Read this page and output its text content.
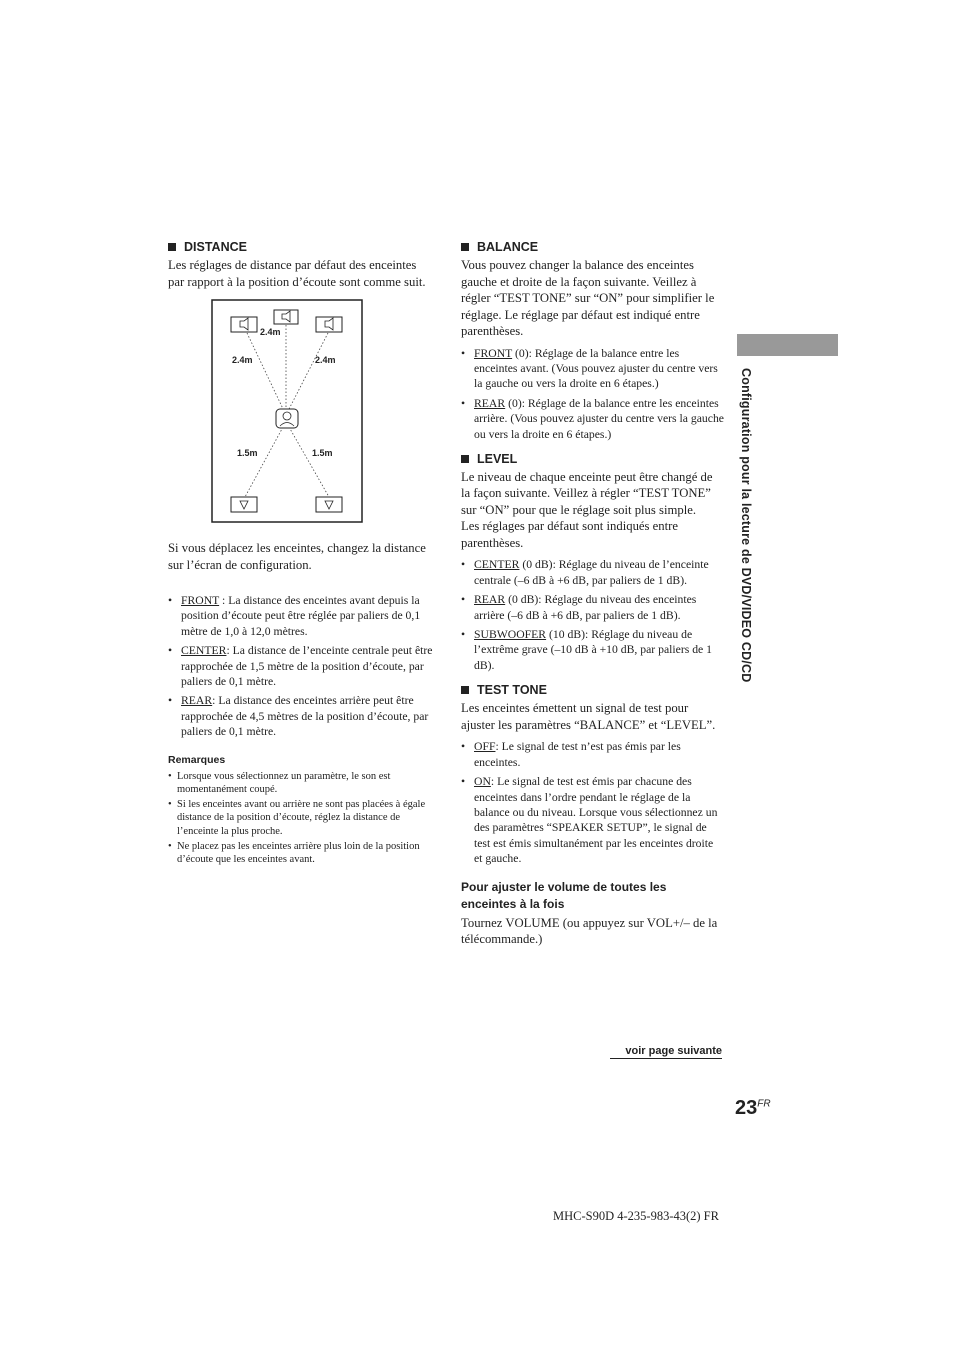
DISTANCE

Les réglages de distance par défaut des enceintes par rapport à la position d’écoute sont comme suit.

2.4m
2.4m	2.4m
1.5m	1.5m

Si vous déplacez les enceintes, changez la distance sur l’écran de configuration.

• FRONT : La distance des enceintes avant depuis la position d’écoute peut être réglée par paliers de 0,1 mètre de 1,0 à 12,0 mètres.
• CENTER: La distance de l’enceinte centrale peut être rapprochée de 1,5 mètre de la position d’écoute, par paliers de 0,1 mètre.
• REAR: La distance des enceintes arrière peut être rapprochée de 4,5 mètres de la position d’écoute, par paliers de 0,1 mètre.
Remarques
• Lorsque vous sélectionnez un paramètre, le son est momentanément coupé.
• Si les enceintes avant ou arrière ne sont pas placées à égale distance de la position d’écoute, réglez la distance de l’enceinte la plus proche.
• Ne placez pas les enceintes arrière plus loin de la position d’écoute que les enceintes avant.
BALANCE

Vous pouvez changer la balance des enceintes gauche et droite de la façon suivante. Veillez à régler “TEST TONE” sur “ON” pour simplifier le réglage. Le réglage par défaut est indiqué entre parenthèses.

• FRONT (0): Réglage de la balance entre les enceintes avant. (Vous pouvez ajuster du centre vers la gauche ou vers la droite en 6 étapes.)
• REAR (0): Réglage de la balance entre les enceintes arrière. (Vous pouvez ajuster du centre vers la gauche ou vers la droite en 6 étapes.)
LEVEL

Le niveau de chaque enceinte peut être changé de la façon suivante. Veillez à régler “TEST TONE” sur “ON” pour que le réglage soit plus simple.

Les réglages par défaut sont indiqués entre parenthèses.

• CENTER (0 dB): Réglage du niveau de l’enceinte centrale (–6 dB à +6 dB, par paliers de 1 dB).
• REAR (0 dB): Réglage du niveau des enceintes arrière (–6 dB à +6 dB, par paliers de 1 dB).
• SUBWOOFER (10 dB): Réglage du niveau de l’extrême grave (–10 dB à +10 dB, par paliers de 1 dB).
TEST TONE

Les enceintes émettent un signal de test pour ajuster les paramètres “BALANCE” et “LEVEL”.

• OFF: Le signal de test n’est pas émis par les enceintes.
• ON: Le signal de test est émis par chacune des enceintes dans l’ordre pendant le réglage de la balance ou du niveau. Lorsque vous sélectionnez un des paramètres “SPEAKER SETUP”, le signal de test est émis simultanément par les enceintes droite et gauche.
Pour ajuster le volume de toutes les enceintes à la fois

Tournez VOLUME (ou appuyez sur VOL+/– de la télécommande.)

voir page suivante
Configuration pour la lecture de DVD/VIDEO CD/CD
$23^{FR}$
MHC-S90D 4-235-983-43(2) FR
